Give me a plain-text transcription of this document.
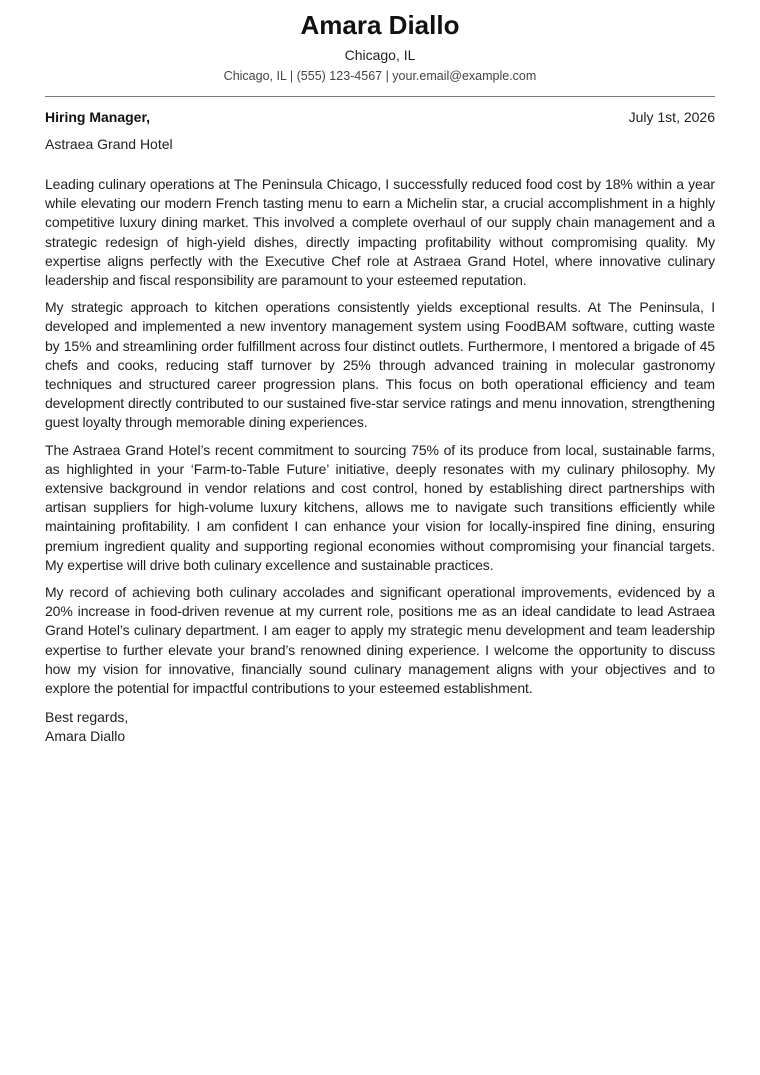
Amara Diallo
Chicago, IL
Chicago, IL | (555) 123-4567 | your.email@example.com
Hiring Manager,	July 1st, 2026
Astraea Grand Hotel

Leading culinary operations at The Peninsula Chicago, I successfully reduced food cost by 18% within a year while elevating our modern French tasting menu to earn a Michelin star, a crucial accomplishment in a highly competitive luxury dining market. This involved a complete overhaul of our supply chain management and a strategic redesign of high-yield dishes, directly impacting profitability without compromising quality. My expertise aligns perfectly with the Executive Chef role at Astraea Grand Hotel, where innovative culinary leadership and fiscal responsibility are paramount to your esteemed reputation.

My strategic approach to kitchen operations consistently yields exceptional results. At The Peninsula, I developed and implemented a new inventory management system using FoodBAM software, cutting waste by 15% and streamlining order fulfillment across four distinct outlets. Furthermore, I mentored a brigade of 45 chefs and cooks, reducing staff turnover by 25% through advanced training in molecular gastronomy techniques and structured career progression plans. This focus on both operational efficiency and team development directly contributed to our sustained five-star service ratings and menu innovation, strengthening guest loyalty through memorable dining experiences.

The Astraea Grand Hotel’s recent commitment to sourcing 75% of its produce from local, sustainable farms, as highlighted in your ‘Farm-to-Table Future’ initiative, deeply resonates with my culinary philosophy. My extensive background in vendor relations and cost control, honed by establishing direct partnerships with artisan suppliers for high-volume luxury kitchens, allows me to navigate such transitions efficiently while maintaining profitability. I am confident I can enhance your vision for locally-inspired fine dining, ensuring premium ingredient quality and supporting regional economies without compromising your financial targets. My expertise will drive both culinary excellence and sustainable practices.

My record of achieving both culinary accolades and significant operational improvements, evidenced by a 20% increase in food-driven revenue at my current role, positions me as an ideal candidate to lead Astraea Grand Hotel’s culinary department. I am eager to apply my strategic menu development and team leadership expertise to further elevate your brand’s renowned dining experience. I welcome the opportunity to discuss how my vision for innovative, financially sound culinary management aligns with your objectives and to explore the potential for impactful contributions to your esteemed establishment.

Best regards,
Amara Diallo
